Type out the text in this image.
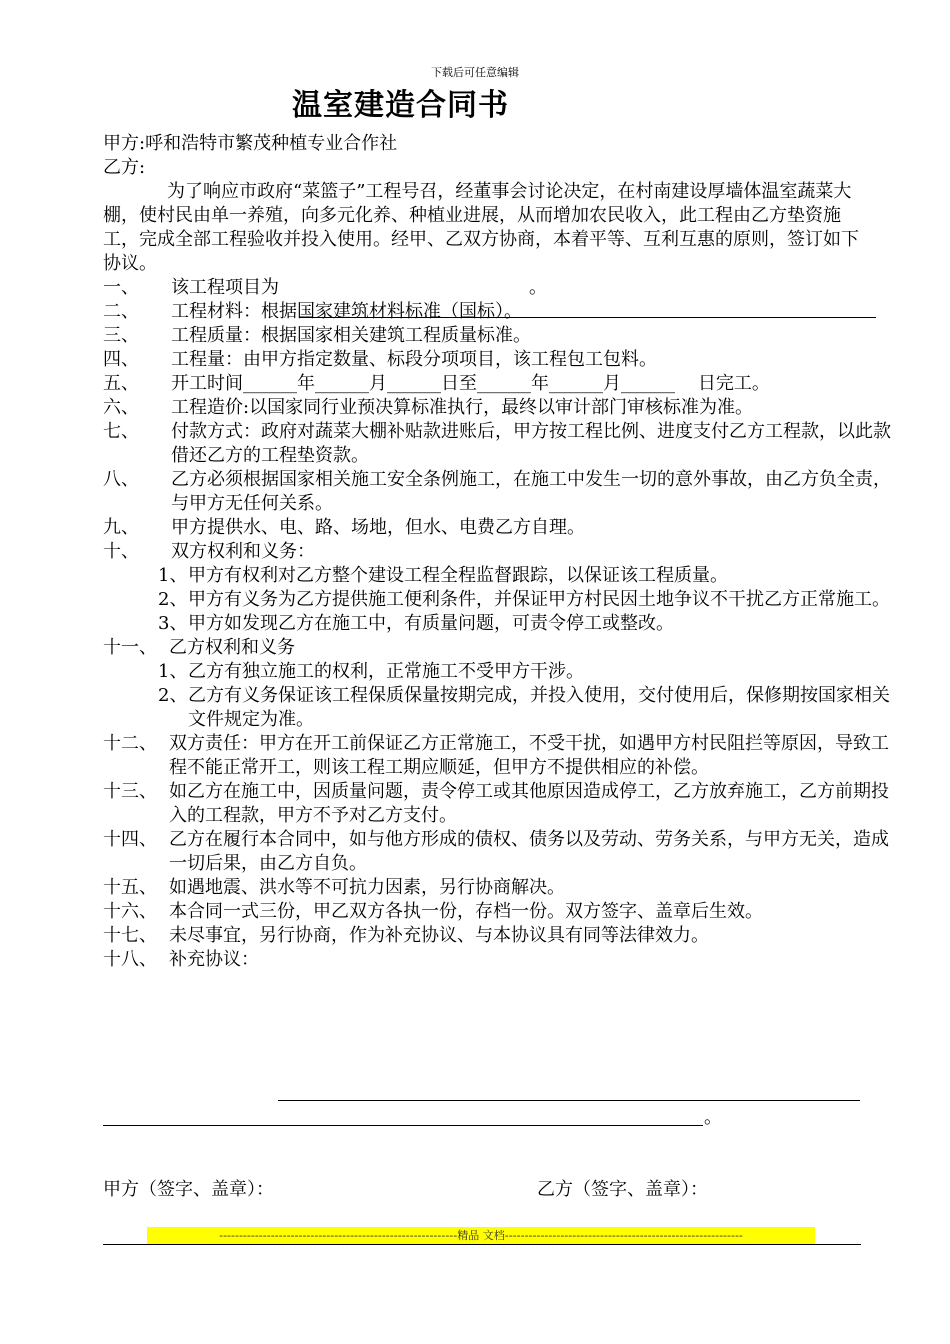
下载后可任意编辑
温室建造合同书

甲方:呼和浩特市繁茂种植专业合作社

乙方:

为了响应市政府“菜篮子”工程号召，经董事会讨论决定，在村南建设厚墙体温室蔬菜大棚，使村民由单一养殖，向多元化养、种植业进展，从而增加农民收入，此工程由乙方垫资施工，完成全部工程验收并投入使用。经甲、乙双方协商，本着平等、互利互惠的原则，签订如下协议。

一、	该工程项目为	。
二、	工程材料：根据国家建筑材料标准（国标）。
三、	工程质量：根据国家相关建筑工程质量标准。
四、	工程量：由甲方指定数量、标段分项项目，该工程包工包料。
五、	开工时间______年______月______日至______年______月______    日完工。
六、	工程造价:以国家同行业预决算标准执行，最终以审计部门审核标准为准。
七、	付款方式：政府对蔬菜大棚补贴款进账后，甲方按工程比例、进度支付乙方工程款，以此款借还乙方的工程垫资款。
八、	乙方必须根据国家相关施工安全条例施工，在施工中发生一切的意外事故，由乙方负全责，与甲方无任何关系。
九、	甲方提供水、电、路、场地，但水、电费乙方自理。
十、	双方权利和义务：
1、 甲方有权利对乙方整个建设工程全程监督跟踪，以保证该工程质量。
2、 甲方有义务为乙方提供施工便利条件，并保证甲方村民因土地争议不干扰乙方正常施工。
3、 甲方如发现乙方在施工中，有质量问题，可责令停工或整改。
十一、 乙方权利和义务
1、 乙方有独立施工的权利，正常施工不受甲方干涉。
2、 乙方有义务保证该工程保质保量按期完成，并投入使用，交付使用后，保修期按国家相关文件规定为准。
十二、 双方责任：甲方在开工前保证乙方正常施工，不受干扰，如遇甲方村民阻拦等原因，导致工程不能正常开工，则该工程工期应顺延，但甲方不提供相应的补偿。
十三、 如乙方在施工中，因质量问题，责令停工或其他原因造成停工，乙方放弃施工，乙方前期投入的工程款，甲方不予对乙方支付。
十四、 乙方在履行本合同中，如与他方形成的债权、债务以及劳动、劳务关系，与甲方无关，造成一切后果，由乙方自负。
十五、 如遇地震、洪水等不可抗力因素，另行协商解决。
十六、 本合同一式三份，甲乙双方各执一份，存档一份。双方签字、盖章后生效。
十七、 未尽事宜，另行协商，作为补充协议、与本协议具有同等法律效力。
十八、 补充协议：
。
甲方（签字、盖章）：	乙方（签字、盖章）：
------------------------------------------------------------精品 文档------------------------------------------------------------
